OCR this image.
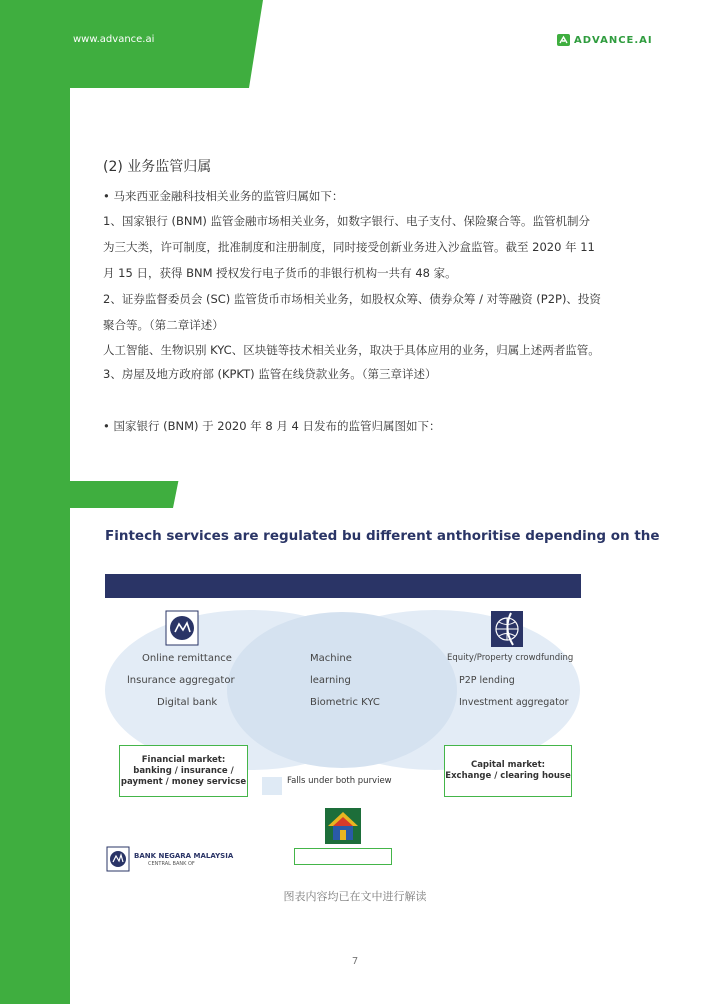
www.advance.ai	ADVANCE.AI
(2) 业务监管归属
• 马来西亚金融科技相关业务的监管归属如下：
1、国家银行 (BNM) 监管金融市场相关业务，如数字银行、电子支付、保险聚合等。监管机制分
为三大类，许可制度，批准制度和注册制度，同时接受创新业务进入沙盒监管。截至 2020 年 11
月 15 日，获得 BNM 授权发行电子货币的非银行机构一共有 48 家。
2、证券监督委员会 (SC) 监管货币市场相关业务，如股权众筹、债券众筹 / 对等融资 (P2P)、投资
聚合等。（第二章详述）
人工智能、生物识别 KYC、区块链等技术相关业务，取决于具体应用的业务，归属上述两者监管。
3、房屋及地方政府部 (KPKT) 监管在线贷款业务。（第三章详述）
• 国家银行 (BNM) 于 2020 年 8 月 4 日发布的监管归属图如下：
Fintech services are regulated bu different anthoritise depending on the
Online remittance
lnsurance aggregator
Digital bank
Machine
learning
Biometric KYC
Equity/Property crowdfunding
P2P lending
Investment aggregator
Financial market:
banking / insurance /
payment / money servicse
Capital market:
Exchange / clearing house
Falls under both purview
BANK NEGARA MALAYSIA
CENTRAL BANK OF
图表内容均已在文中进行解读
7
